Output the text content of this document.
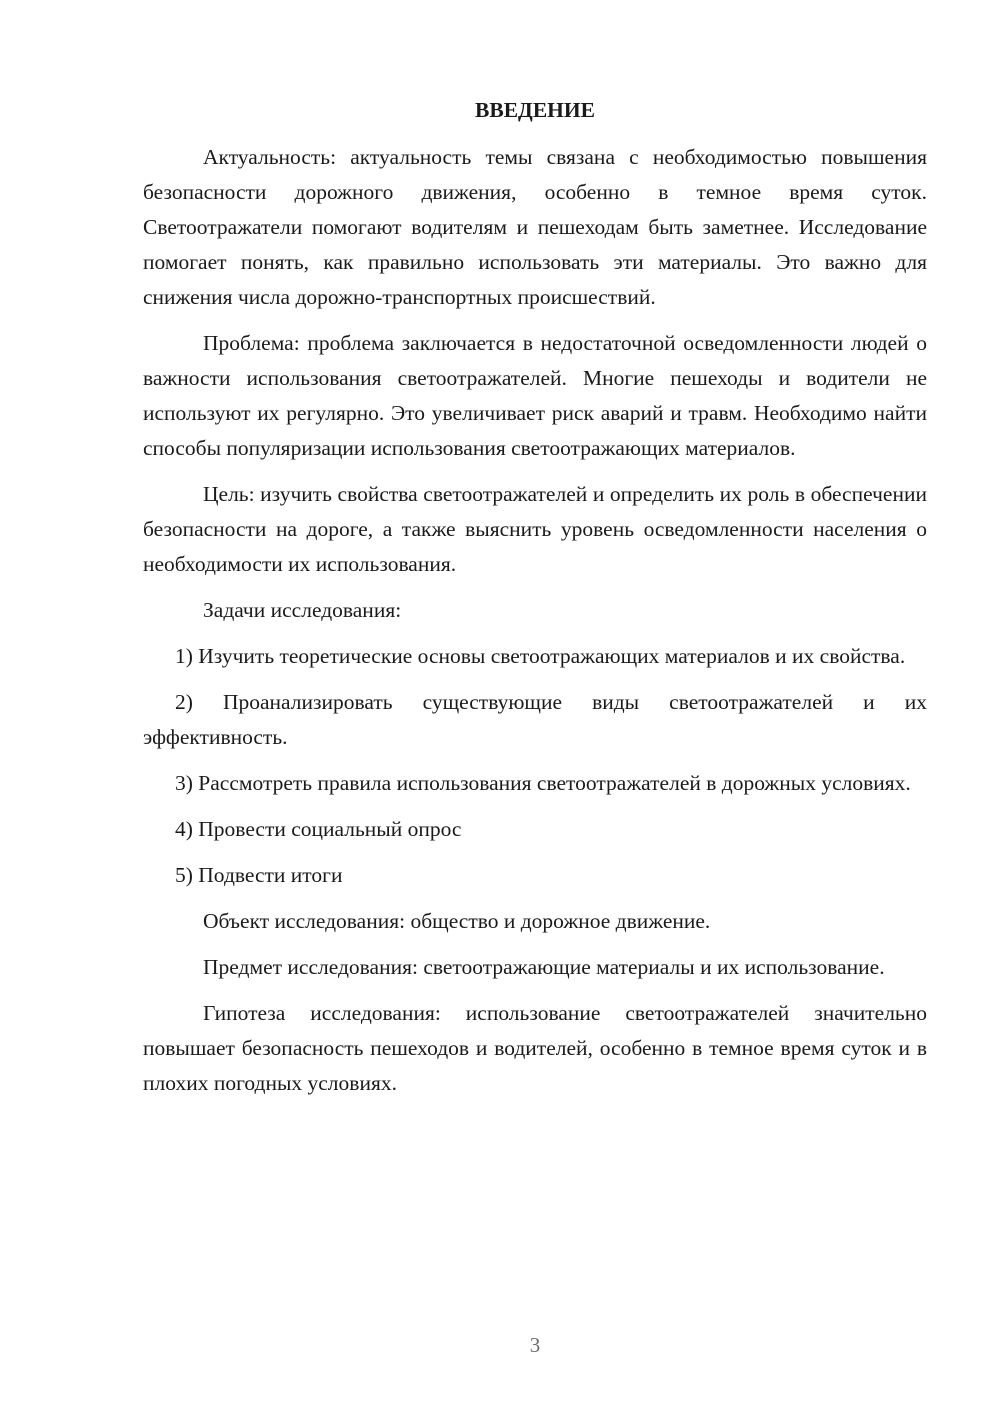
ВВЕДЕНИЕ

Актуальность: актуальность темы связана с необходимостью повышения безопасности дорожного движения, особенно в темное время суток. Светоотражатели помогают водителям и пешеходам быть заметнее. Исследование помогает понять, как правильно использовать эти материалы. Это важно для снижения числа дорожно-транспортных происшествий.

Проблема: проблема заключается в недостаточной осведомленности людей о важности использования светоотражателей. Многие пешеходы и водители не используют их регулярно. Это увеличивает риск аварий и травм. Необходимо найти способы популяризации использования светоотражающих материалов.

Цель: изучить свойства светоотражателей и определить их роль в обеспечении безопасности на дороге, а также выяснить уровень осведомленности населения о необходимости их использования.

Задачи исследования:

1) Изучить теоретические основы светоотражающих материалов и их свойства.

2) Проанализировать существующие виды светоотражателей и их эффективность.

3) Рассмотреть правила использования светоотражателей в дорожных условиях.

4) Провести социальный опрос

5) Подвести итоги

Объект исследования: общество и дорожное движение.

Предмет исследования: светоотражающие материалы и их использование.

Гипотеза исследования: использование светоотражателей значительно повышает безопасность пешеходов и водителей, особенно в темное время суток и в плохих погодных условиях.

3
